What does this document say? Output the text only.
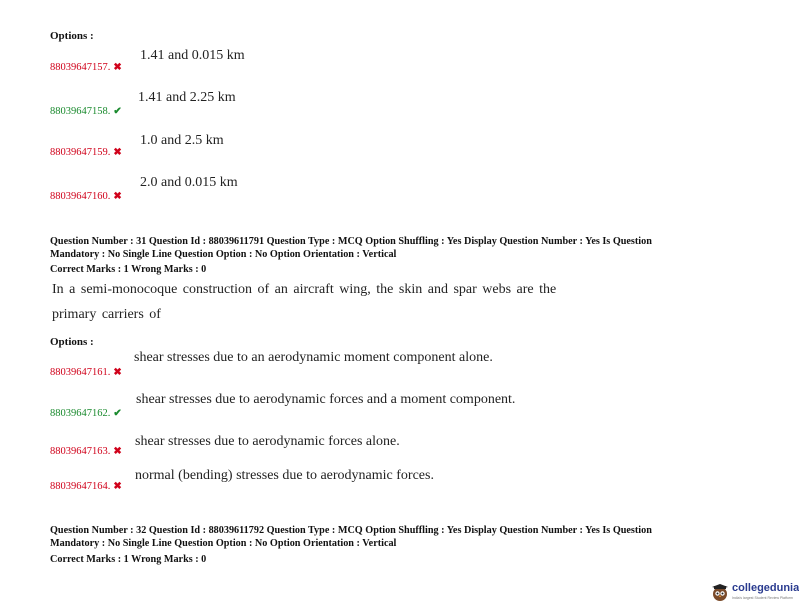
Options :
88039647157. ✖
1.41 and 0.015 km
88039647158. ✔
1.41 and 2.25 km
88039647159. ✖
1.0 and 2.5 km
88039647160. ✖
2.0 and 0.015 km
Question Number : 31 Question Id : 88039611791 Question Type : MCQ Option Shuffling : Yes Display Question Number : Yes Is Question
Mandatory : No Single Line Question Option : No Option Orientation : Vertical
Correct Marks : 1 Wrong Marks : 0
In a semi-monocoque construction of an aircraft wing, the skin and spar webs are the
primary carriers of
Options :
88039647161. ✖
shear stresses due to an aerodynamic moment component alone.
88039647162. ✔
shear stresses due to aerodynamic forces and a moment component.
88039647163. ✖
shear stresses due to aerodynamic forces alone.
88039647164. ✖
normal (bending) stresses due to aerodynamic forces.
Question Number : 32 Question Id : 88039611792 Question Type : MCQ Option Shuffling : Yes Display Question Number : Yes Is Question
Mandatory : No Single Line Question Option : No Option Orientation : Vertical
Correct Marks : 1 Wrong Marks : 0
collegedunia
India's largest Student Review Platform
